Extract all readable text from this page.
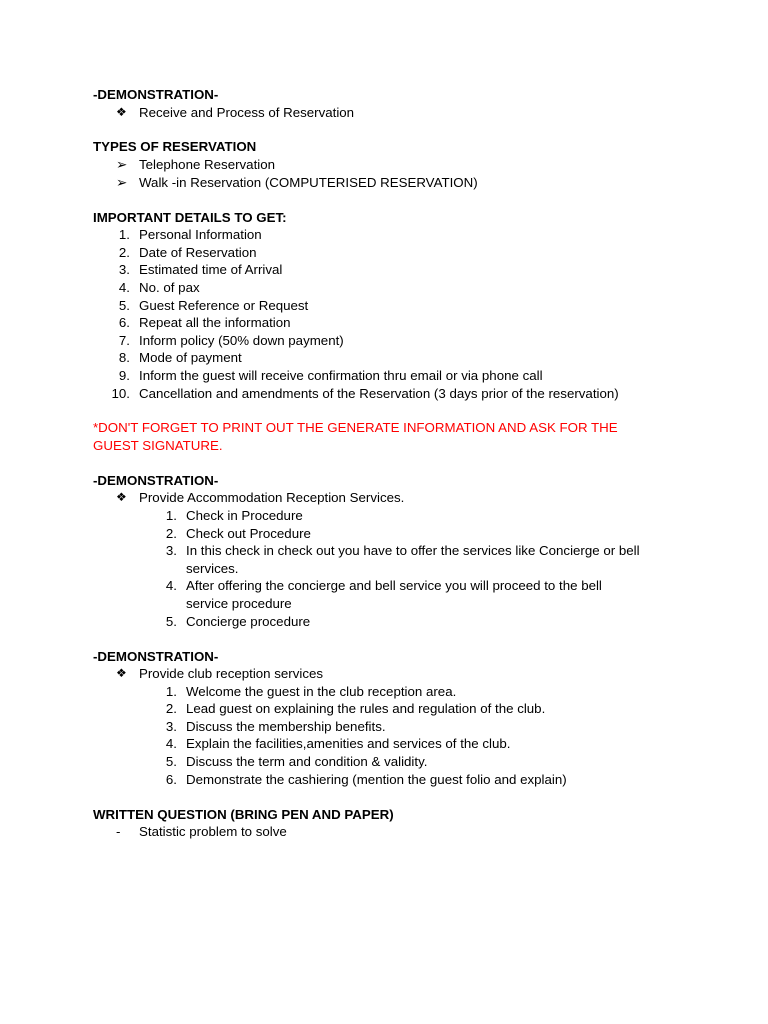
-DEMONSTRATION-
❖ Receive and Process of Reservation
TYPES OF RESERVATION
➢ Telephone Reservation
➢ Walk -in Reservation (COMPUTERISED RESERVATION)
IMPORTANT DETAILS TO GET:
1. Personal Information
2. Date of Reservation
3. Estimated time of Arrival
4. No. of pax
5. Guest Reference or Request
6. Repeat all the information
7. Inform policy (50% down payment)
8. Mode of payment
9. Inform the guest will receive confirmation thru email or via phone call
10. Cancellation and amendments of the Reservation (3 days prior of the reservation)
*DON'T FORGET TO PRINT OUT THE GENERATE INFORMATION AND ASK FOR THE
GUEST SIGNATURE.
-DEMONSTRATION-
❖ Provide Accommodation Reception Services.
1. Check in Procedure
2. Check out Procedure
3. In this check in check out you have to offer the services like Concierge or bell
services.
4. After offering the concierge and bell service you will proceed to the bell
service procedure
5. Concierge procedure
-DEMONSTRATION-
❖ Provide club reception services
1. Welcome the guest in the club reception area.
2. Lead guest on explaining the rules and regulation of the club.
3. Discuss the membership benefits.
4. Explain the facilities,amenities and services of the club.
5. Discuss the term and condition & validity.
6. Demonstrate the cashiering (mention the guest folio and explain)
WRITTEN QUESTION (BRING PEN AND PAPER)
-	Statistic problem to solve
